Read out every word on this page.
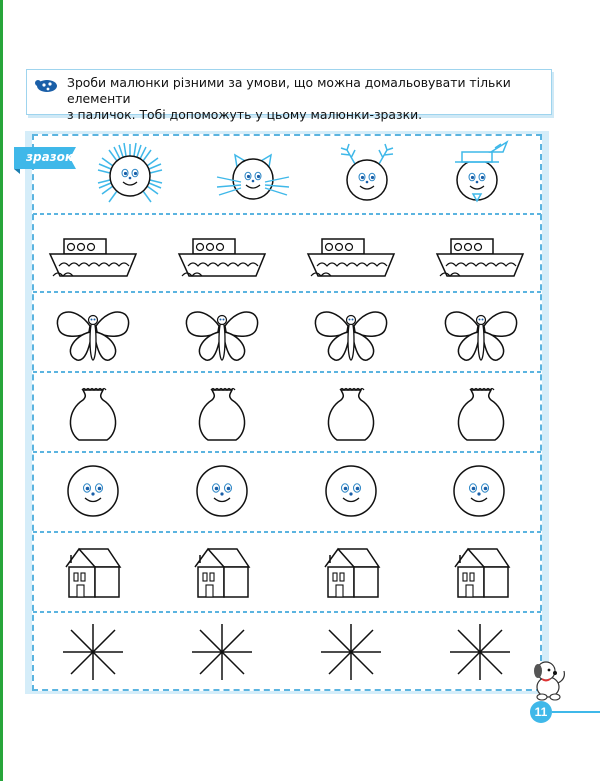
Зроби малюнки різними за умови, що можна домальовувати тільки елементи
з паличок. Тобі допоможуть у цьому малюнки-зразки.
зразок
11
